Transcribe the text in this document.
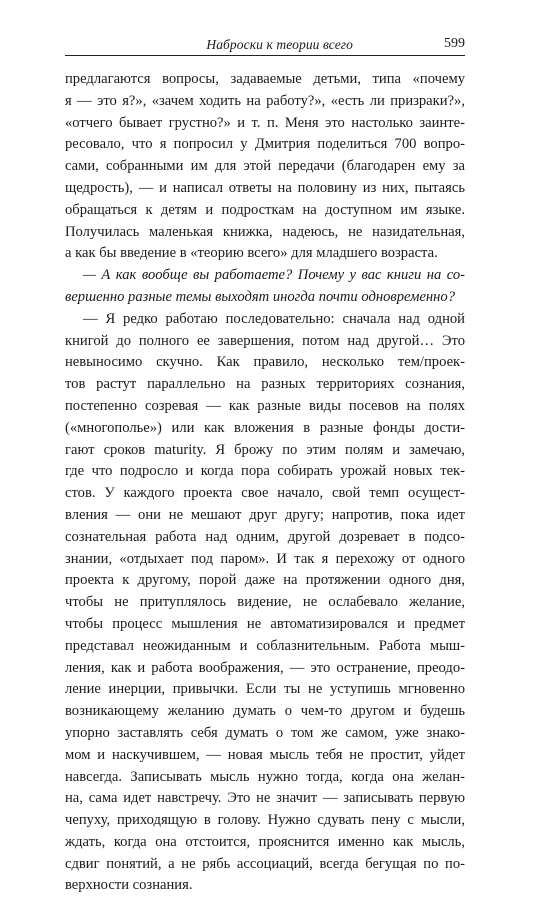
Наброски к теории всего	599
предлагаются вопросы, задаваемые детьми, типа «почему
я — это я?», «зачем ходить на работу?», «есть ли призраки?»,
«отчего бывает грустно?» и т. п. Меня это настолько заинте-
ресовало, что я попросил у Дмитрия поделиться 700 вопро-
сами, собранными им для этой передачи (благодарен ему за
щедрость), — и написал ответы на половину из них, пытаясь
обращаться к детям и подросткам на доступном им языке.
Получилась маленькая книжка, надеюсь, не назидательная,
а как бы введение в «теорию всего» для младшего возраста.
— А как вообще вы работаете? Почему у вас книги на со-
вершенно разные темы выходят иногда почти одновременно?
— Я редко работаю последовательно: сначала над одной
книгой до полного ее завершения, потом над другой… Это
невыносимо скучно. Как правило, несколько тем/проек-
тов растут параллельно на разных территориях сознания,
постепенно созревая — как разные виды посевов на полях
(«многополье») или как вложения в разные фонды дости-
гают сроков maturity. Я брожу по этим полям и замечаю,
где что подросло и когда пора собирать урожай новых тек-
стов. У каждого проекта свое начало, свой темп осущест-
вления — они не мешают друг другу; напротив, пока идет
сознательная работа над одним, другой дозревает в подсо-
знании, «отдыхает под паром». И так я перехожу от одного
проекта к другому, порой даже на протяжении одного дня,
чтобы не притуплялось видение, не ослабевало желание,
чтобы процесс мышления не автоматизировался и предмет
представал неожиданным и соблазнительным. Работа мыш-
ления, как и работа воображения, — это остранение, преодо-
ление инерции, привычки. Если ты не уступишь мгновенно
возникающему желанию думать о чем-то другом и будешь
упорно заставлять себя думать о том же самом, уже знако-
мом и наскучившем, — новая мысль тебя не простит, уйдет
навсегда. Записывать мысль нужно тогда, когда она желан-
на, сама идет навстречу. Это не значит — записывать первую
чепуху, приходящую в голову. Нужно сдувать пену с мысли,
ждать, когда она отстоится, прояснится именно как мысль,
сдвиг понятий, а не рябь ассоциаций, всегда бегущая по по-
верхности сознания.
